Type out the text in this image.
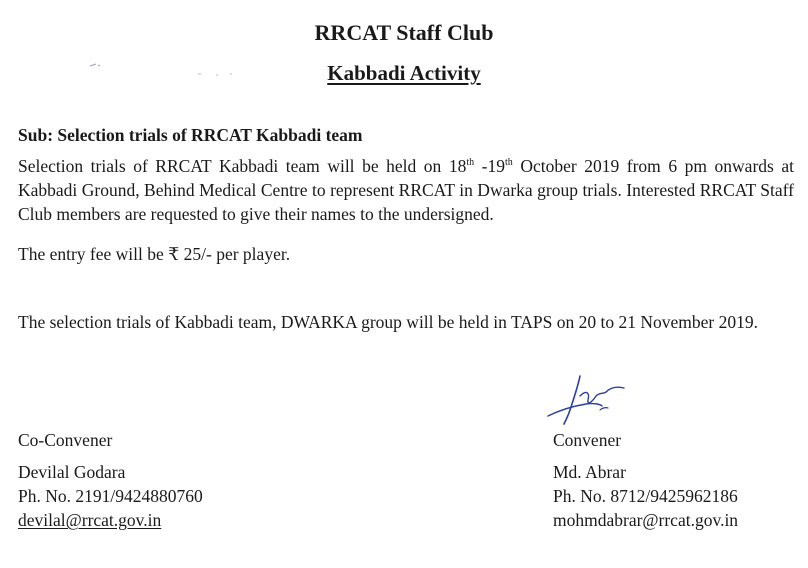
RRCAT Staff Club
Kabbadi Activity
Sub: Selection trials of RRCAT Kabbadi team
Selection trials of RRCAT Kabbadi team will be held on 18th -19th October 2019 from 6 pm onwards at Kabbadi Ground, Behind Medical Centre to represent RRCAT in Dwarka group trials. Interested RRCAT Staff Club members are requested to give their names to the undersigned.
The entry fee will be ₹ 25/- per player.
The selection trials of Kabbadi team, DWARKA group will be held in TAPS on 20 to 21 November 2019.
Co-Convener
Devilal Godara
Ph. No. 2191/9424880760
devilal@rrcat.gov.in
Convener
Md. Abrar
Ph. No. 8712/9425962186
mohmdabrar@rrcat.gov.in
